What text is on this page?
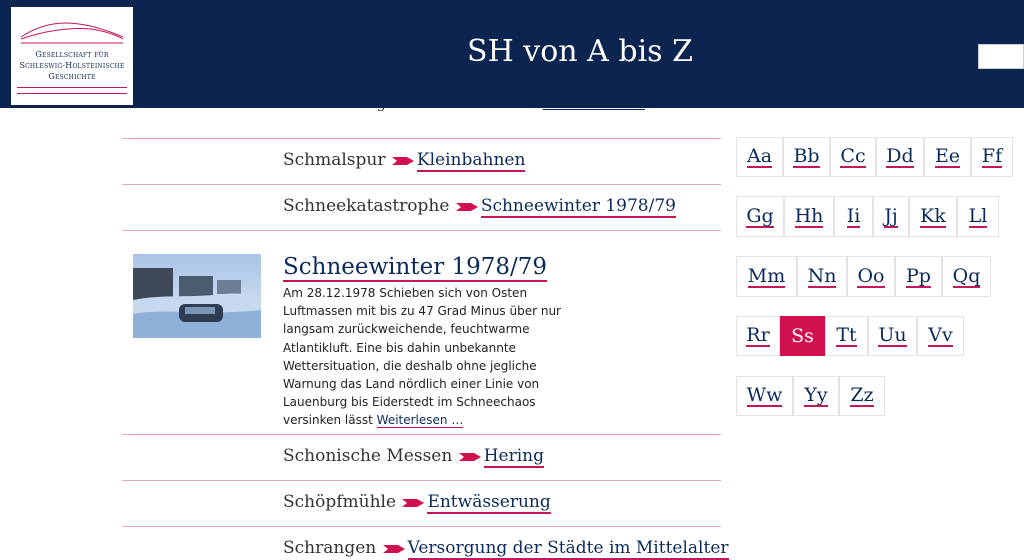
Gesellschaft für
Schleswig-Holsteinische
Geschichte
SH von A bis Z
Schmalspur Kleinbahnen
Schneekatastrophe Schneewinter 1978/79
Schneewinter 1978/79
Am 28.12.1978 Schieben sich von Osten Luftmassen mit bis zu 47 Grad Minus über nur langsam zurückweichende, feuchtwarme Atlantikluft. Eine bis dahin unbekannte Wettersituation, die deshalb ohne jegliche Warnung das Land nördlich einer Linie von Lauenburg bis Eiderstedt im Schneechaos versinken lässt Weiterlesen …
Schonische Messen Hering
Schöpfmühle Entwässerung
Schrangen Versorgung der Städte im Mittelalter
Aa Bb Cc Dd Ee Ff
Gg Hh Ii Jj Kk Ll
Mm Nn Oo Pp Qq
Rr Ss Tt Uu Vv
Ww Yy Zz
